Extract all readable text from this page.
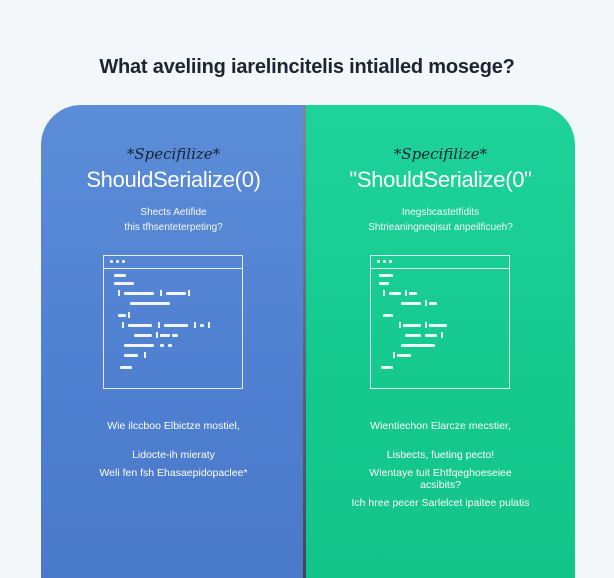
What aveliing iarelincitelis intialled mosege?
*Specifilize*
ShouldSerialize(0)
Shects Aetifide
this tfhsenteterpeting?
Wie ilccboo Elbictze mostiel,
Lidocte-ih mieraty
Weli fen fsh Ehasaepidopaclee*
*Specifilize*
"ShouldSerialize(0"
Inegsbcastetfidits
Shtrieaningneqisut anpeilficueh?
Wientiechon Elarcze mecstier,
Lisbects, fueting pecto!
Wientaye tuit Ehtfqeghoeseiee
acsibits?
Ich hree pecer Sarlelcet ipaitee pulatis
